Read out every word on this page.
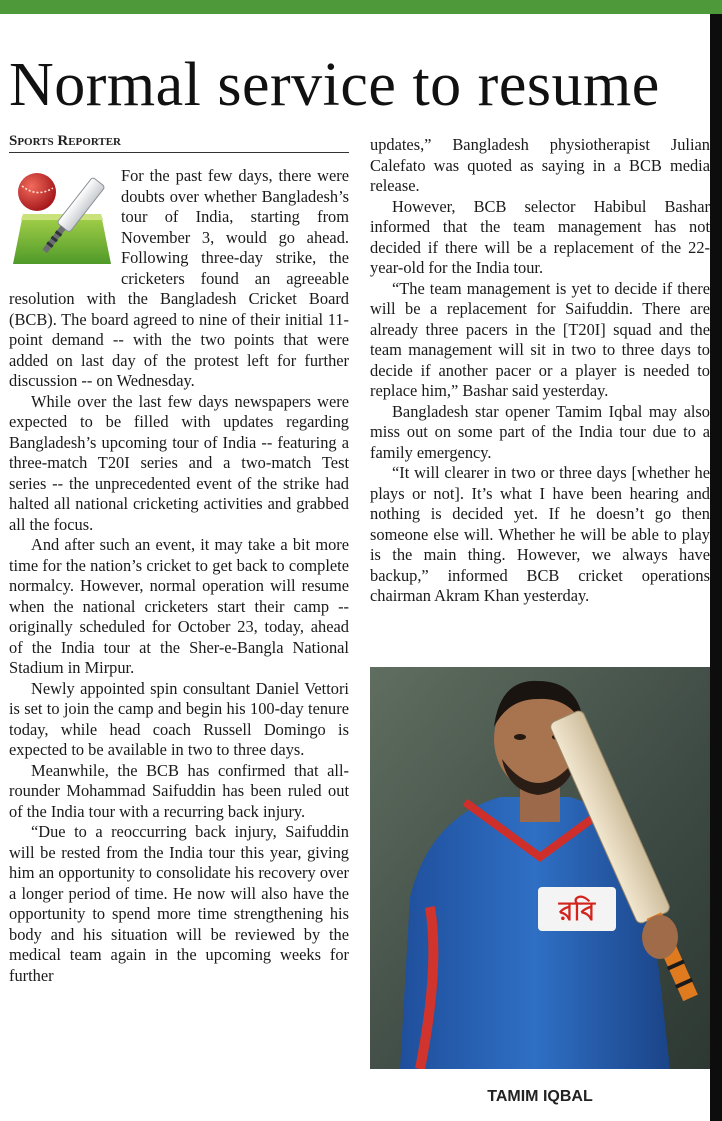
Normal service to resume
Sports Reporter

For the past few days, there were doubts over whether Bangladesh’s tour of India, starting from November 3, would go ahead. Following three-day strike, the cricketers found an agreeable resolution with the Bangladesh Cricket Board (BCB). The board agreed to nine of their initial 11-point demand -- with the two points that were added on last day of the protest left for further discussion -- on Wednesday.

While over the last few days newspapers were expected to be filled with updates regarding Bangladesh’s upcoming tour of India -- featuring a three-match T20I series and a two-match Test series -- the unprecedented event of the strike had halted all national cricketing activities and grabbed all the focus.

And after such an event, it may take a bit more time for the nation’s cricket to get back to complete normalcy. However, normal operation will resume when the national cricketers start their camp -- originally scheduled for October 23, today, ahead of the India tour at the Sher-e-Bangla National Stadium in Mirpur.

Newly appointed spin consultant Daniel Vettori is set to join the camp and begin his 100-day tenure today, while head coach Russell Domingo is expected to be available in two to three days.

Meanwhile, the BCB has confirmed that all-rounder Mohammad Saifuddin has been ruled out of the India tour with a recurring back injury.

“Due to a reoccurring back injury, Saifuddin will be rested from the India tour this year, giving him an opportunity to consolidate his recovery over a longer period of time. He now will also have the opportunity to spend more time strengthening his body and his situation will be reviewed by the medical team again in the upcoming weeks for further

updates,” Bangladesh physiotherapist Julian Calefato was quoted as saying in a BCB media release.

However, BCB selector Habibul Bashar informed that the team management has not decided if there will be a replacement of the 22-year-old for the India tour.

“The team management is yet to decide if there will be a replacement for Saifuddin. There are already three pacers in the [T20I] squad and the team management will sit in two to three days to decide if another pacer or a player is needed to replace him,” Bashar said yesterday.

Bangladesh star opener Tamim Iqbal may also miss out on some part of the India tour due to a family emergency.

“It will clearer in two or three days [whether he plays or not]. It’s what I have been hearing and nothing is decided yet. If he doesn’t go then someone else will. Whether he will be able to play is the main thing. However, we always have backup,” informed BCB cricket operations chairman Akram Khan yesterday.

রবি
TAMIM IQBAL
